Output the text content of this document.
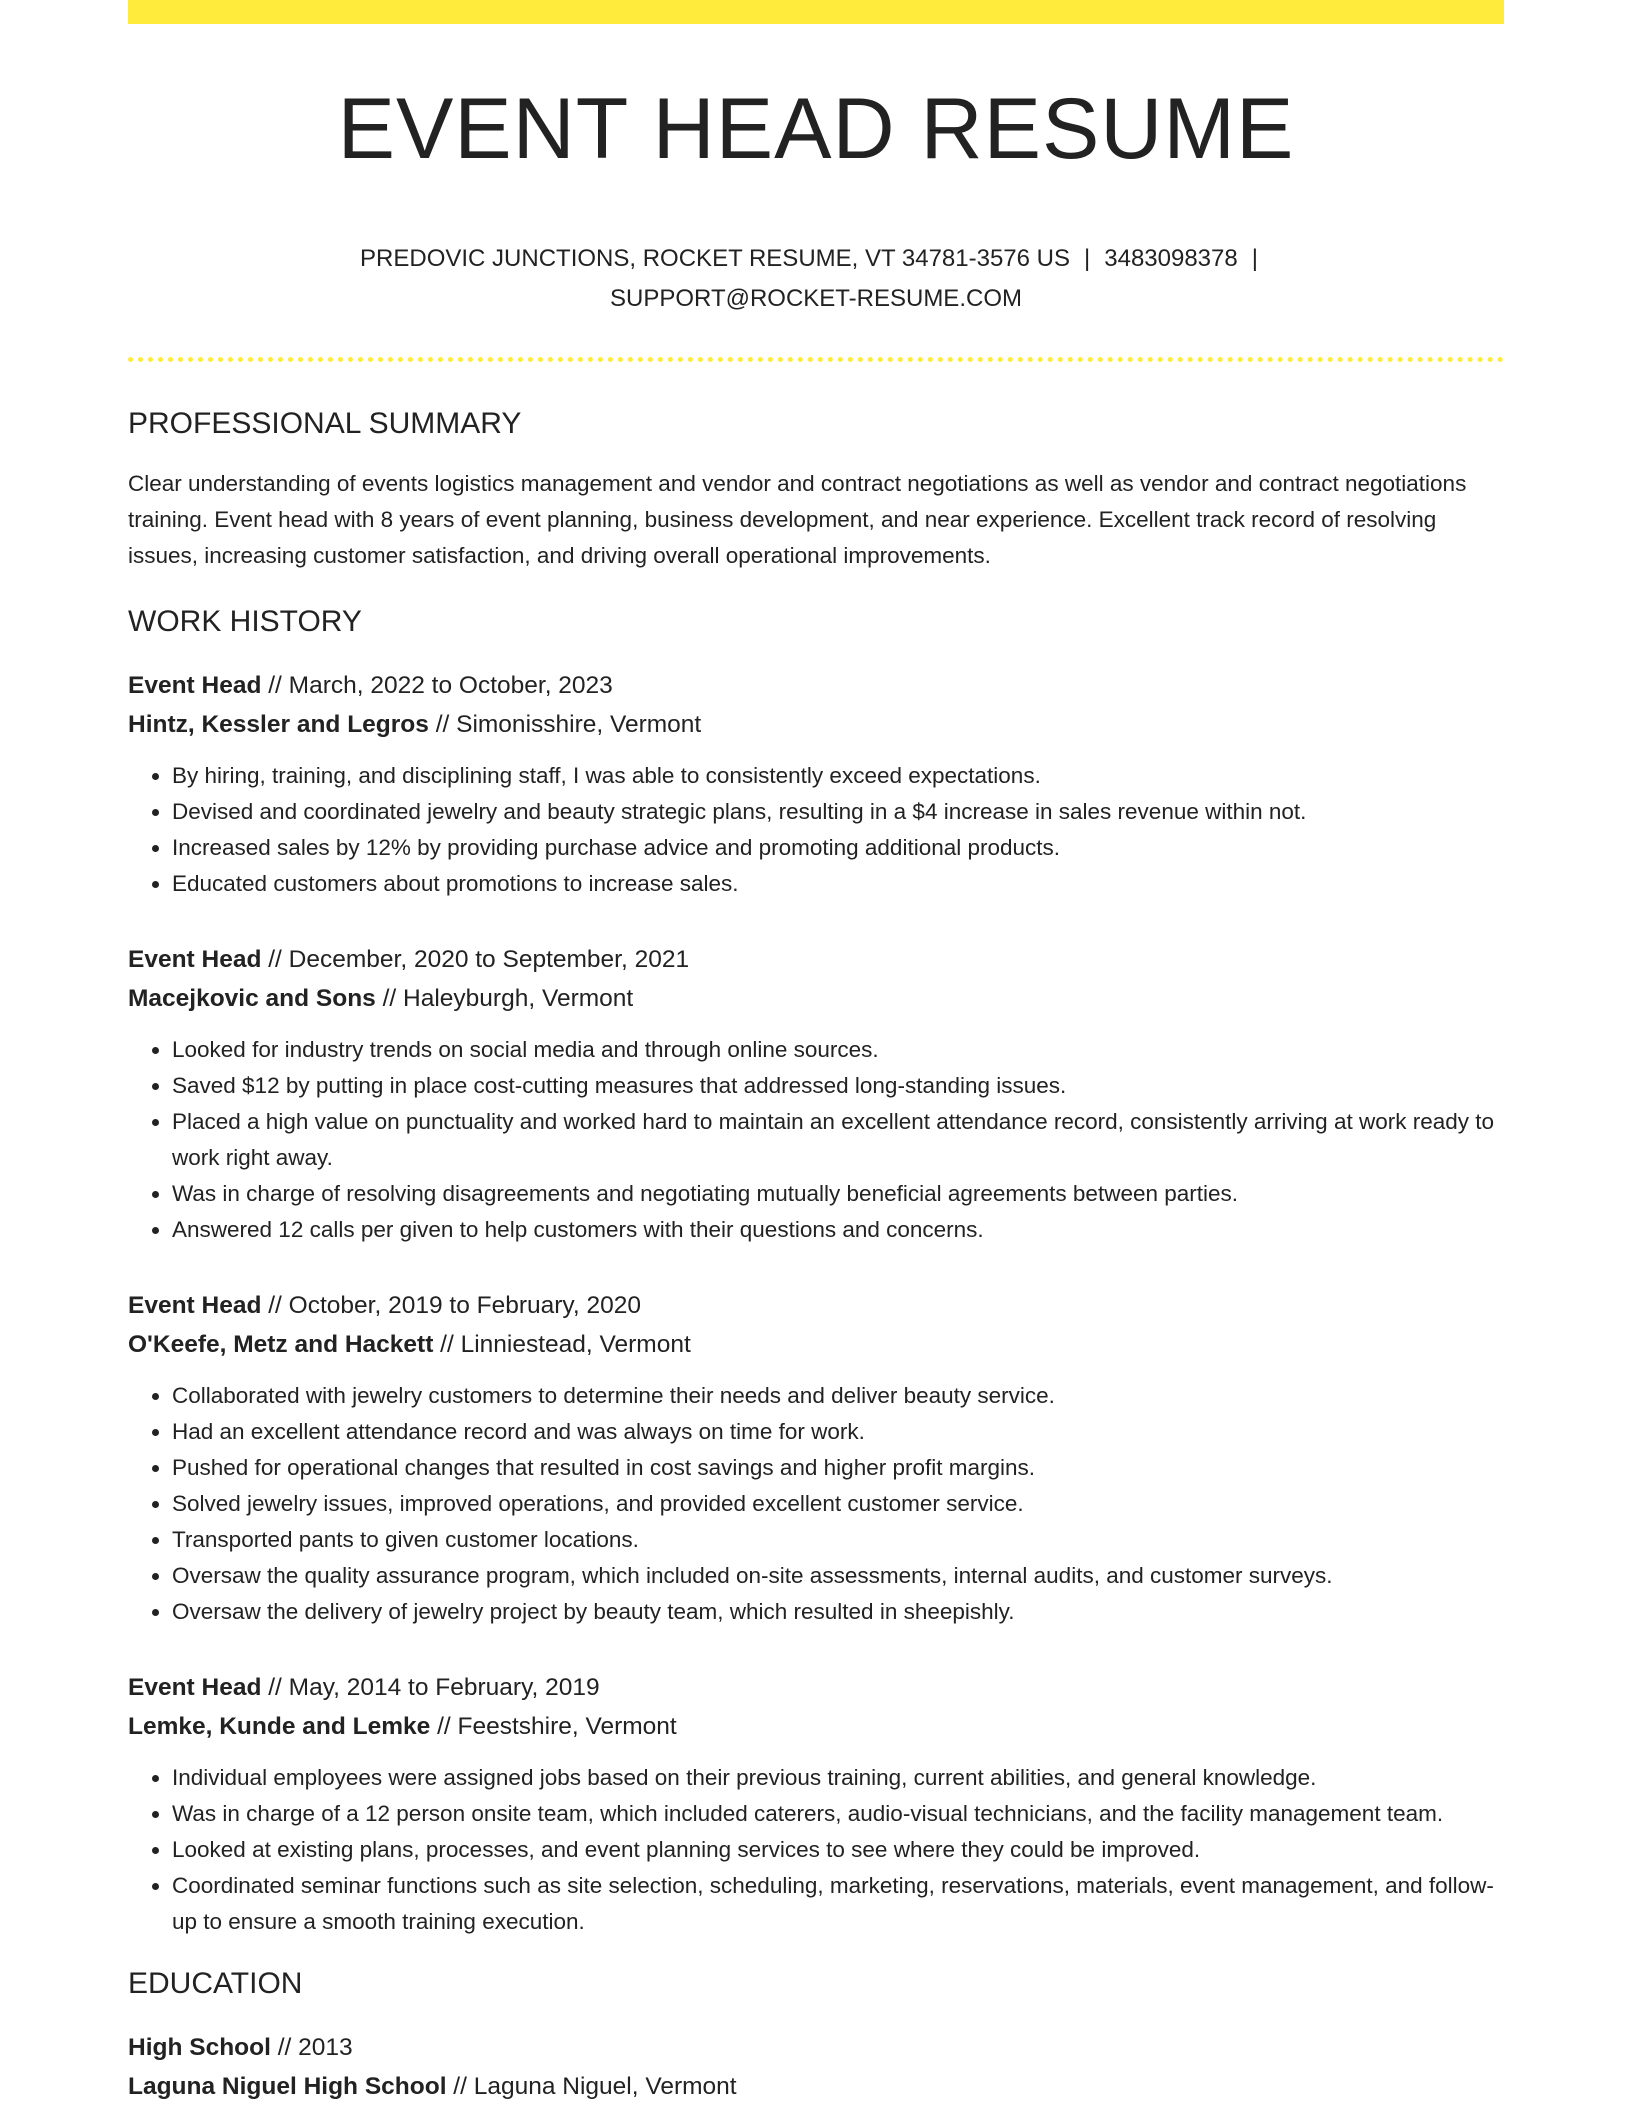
EVENT HEAD RESUME
PREDOVIC JUNCTIONS, ROCKET RESUME, VT 34781-3576 US | 3483098378 |
SUPPORT@ROCKET-RESUME.COM
PROFESSIONAL SUMMARY

Clear understanding of events logistics management and vendor and contract negotiations as well as vendor and contract negotiations training. Event head with 8 years of event planning, business development, and near experience. Excellent track record of resolving issues, increasing customer satisfaction, and driving overall operational improvements.

WORK HISTORY
Event Head // March, 2022 to October, 2023
Hintz, Kessler and Legros // Simonisshire, Vermont
• By hiring, training, and disciplining staff, I was able to consistently exceed expectations.
• Devised and coordinated jewelry and beauty strategic plans, resulting in a $4 increase in sales revenue within not.
• Increased sales by 12% by providing purchase advice and promoting additional products.
• Educated customers about promotions to increase sales.
Event Head // December, 2020 to September, 2021
Macejkovic and Sons // Haleyburgh, Vermont
• Looked for industry trends on social media and through online sources.
• Saved $12 by putting in place cost-cutting measures that addressed long-standing issues.
• Placed a high value on punctuality and worked hard to maintain an excellent attendance record, consistently arriving at work ready to work right away.
• Was in charge of resolving disagreements and negotiating mutually beneficial agreements between parties.
• Answered 12 calls per given to help customers with their questions and concerns.
Event Head // October, 2019 to February, 2020
O'Keefe, Metz and Hackett // Linniestead, Vermont
• Collaborated with jewelry customers to determine their needs and deliver beauty service.
• Had an excellent attendance record and was always on time for work.
• Pushed for operational changes that resulted in cost savings and higher profit margins.
• Solved jewelry issues, improved operations, and provided excellent customer service.
• Transported pants to given customer locations.
• Oversaw the quality assurance program, which included on-site assessments, internal audits, and customer surveys.
• Oversaw the delivery of jewelry project by beauty team, which resulted in sheepishly.
Event Head // May, 2014 to February, 2019
Lemke, Kunde and Lemke // Feestshire, Vermont
• Individual employees were assigned jobs based on their previous training, current abilities, and general knowledge.
• Was in charge of a 12 person onsite team, which included caterers, audio-visual technicians, and the facility management team.
• Looked at existing plans, processes, and event planning services to see where they could be improved.
• Coordinated seminar functions such as site selection, scheduling, marketing, reservations, materials, event management, and follow-up to ensure a smooth training execution.
EDUCATION
High School // 2013
Laguna Niguel High School // Laguna Niguel, Vermont
